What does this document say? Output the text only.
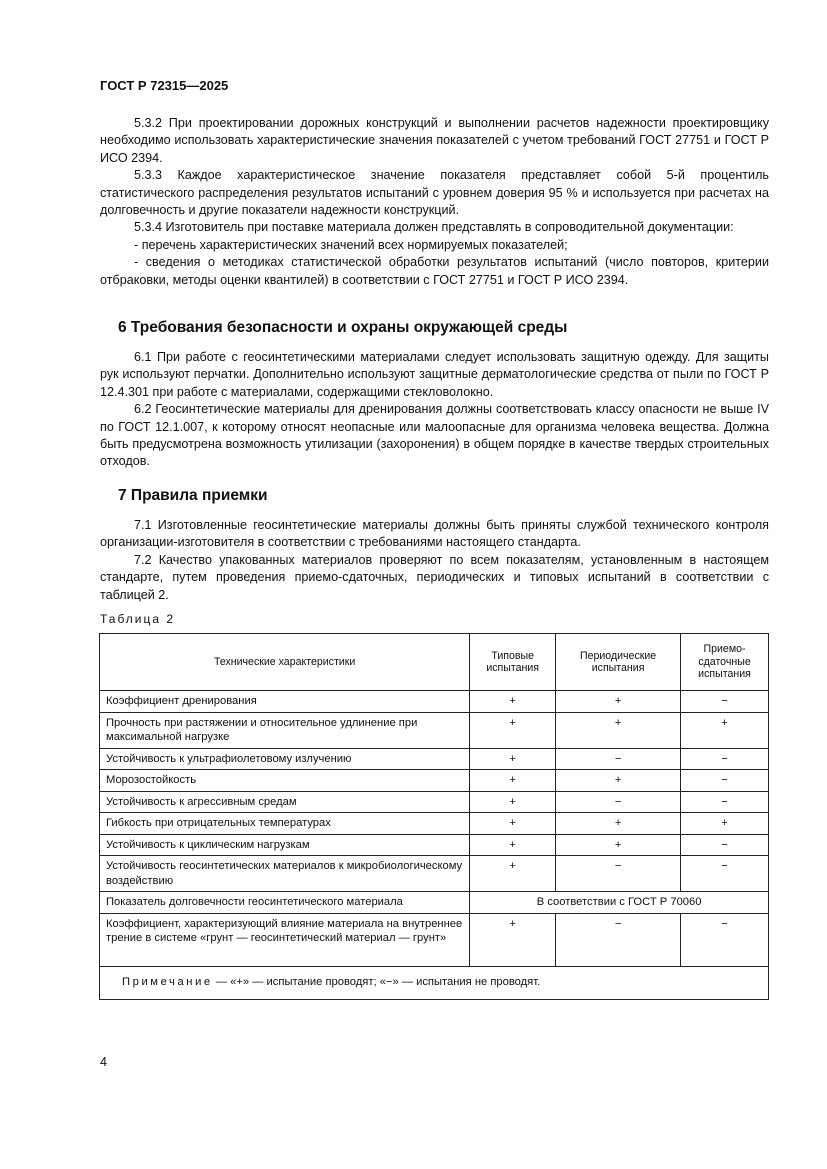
ГОСТ Р 72315—2025

5.3.2 При проектировании дорожных конструкций и выполнении расчетов надежности проектировщику необходимо использовать характеристические значения показателей с учетом требований ГОСТ 27751 и ГОСТ Р ИСО 2394.

5.3.3 Каждое характеристическое значение показателя представляет собой 5-й процентиль статистического распределения результатов испытаний с уровнем доверия 95 % и используется при расчетах на долговечность и другие показатели надежности конструкций.

5.3.4 Изготовитель при поставке материала должен представлять в сопроводительной документации:

- перечень характеристических значений всех нормируемых показателей;

- сведения о методиках статистической обработки результатов испытаний (число повторов, критерии отбраковки, методы оценки квантилей) в соответствии с ГОСТ 27751 и ГОСТ Р ИСО 2394.

6 Требования безопасности и охраны окружающей среды

6.1 При работе с геосинтетическими материалами следует использовать защитную одежду. Для защиты рук используют перчатки. Дополнительно используют защитные дерматологические средства от пыли по ГОСТ Р 12.4.301 при работе с материалами, содержащими стекловолокно.

6.2 Геосинтетические материалы для дренирования должны соответствовать классу опасности не выше IV по ГОСТ 12.1.007, к которому относят неопасные или малоопасные для организма человека вещества. Должна быть предусмотрена возможность утилизации (захоронения) в общем порядке в качестве твердых строительных отходов.

7 Правила приемки

7.1 Изготовленные геосинтетические материалы должны быть приняты службой технического контроля организации-изготовителя в соответствии с требованиями настоящего стандарта.

7.2 Качество упакованных материалов проверяют по всем показателям, установленным в настоящем стандарте, путем проведения приемо-сдаточных, периодических и типовых испытаний в соответствии с таблицей 2.

Таблица 2
Технические характеристики	Типовые испытания	Периодические испытания	Приемо-сдаточные испытания
Коэффициент дренирования	+	+	−
Прочность при растяжении и относительное удлинение при максимальной нагрузке	+	+	+
Устойчивость к ультрафиолетовому излучению	+	−	−
Морозостойкость	+	+	−
Устойчивость к агрессивным средам	+	−	−
Гибкость при отрицательных температурах	+	+	+
Устойчивость к циклическим нагрузкам	+	+	−
Устойчивость геосинтетических материалов к микробиологическому воздействию	+	−	−
Показатель долговечности геосинтетического материала	В соответствии с ГОСТ Р 70060		
Коэффициент, характеризующий влияние материала на внутреннее трение в системе «грунт — геосинтетический материал — грунт»	+	−	−
Примечание — «+» — испытание проводят; «−» — испытания не проводят.			
4
